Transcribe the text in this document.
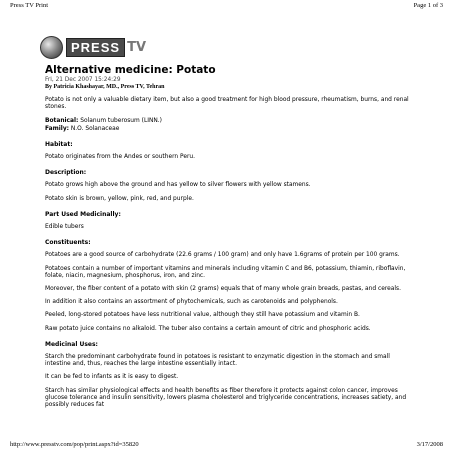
Press TV Print	Page 1 of 3
PRESS TV
Alternative medicine: Potato
Fri, 21 Dec 2007 15:24:29
By Patricia Khashayar, MD., Press TV, Tehran

Potato is not only a valuable dietary item, but also a good treatment for high blood pressure, rheumatism, burns, and renal stones.

Botanical: Solanum tuberosum (LINN.)
Family: N.O. Solanaceae
Habitat:

Potato originates from the Andes or southern Peru.

Description:

Potato grows high above the ground and has yellow to silver flowers with yellow stamens.

Potato skin is brown, yellow, pink, red, and purple.

Part Used Medicinally:

Edible tubers

Constituents:

Potatoes are a good source of carbohydrate (22.6 grams / 100 gram) and only have 1.6grams of protein per 100 grams.

Potatoes contain a number of important vitamins and minerals including vitamin C and B6, potassium, thiamin, riboflavin, folate, niacin, magnesium, phosphorus, iron, and zinc.

Moreover, the fiber content of a potato with skin (2 grams) equals that of many whole grain breads, pastas, and cereals.

In addition it also contains an assortment of phytochemicals, such as carotenoids and polyphenols.

Peeled, long-stored potatoes have less nutritional value, although they still have potassium and vitamin B.

Raw potato juice contains no alkaloid. The tuber also contains a certain amount of citric and phosphoric acids.

Medicinal Uses:

Starch the predominant carbohydrate found in potatoes is resistant to enzymatic digestion in the stomach and small intestine and, thus, reaches the large intestine essentially intact.

It can be fed to infants as it is easy to digest.

Starch has similar physiological effects and health benefits as fiber therefore it protects against colon cancer, improves glucose tolerance and insulin sensitivity, lowers plasma cholesterol and triglyceride concentrations, increases satiety, and possibly reduces fat

http://www.presstv.com/pop/print.aspx?id=35820	3/17/2008
